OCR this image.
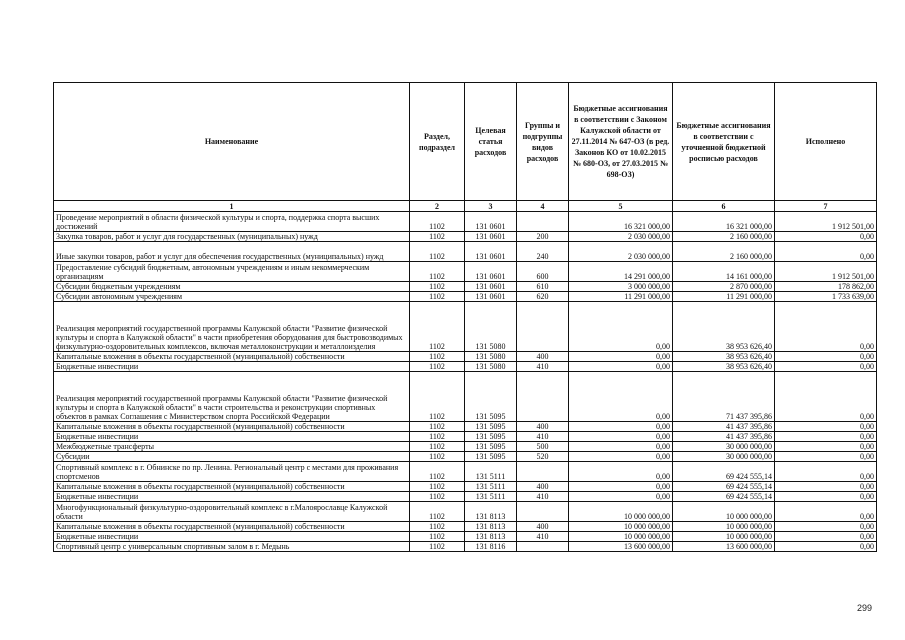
Наименование	Раздел, подраздел	Целевая статья расходов	Группы и подгруппы видов расходов	Бюджетные ассигнования в соответствии с Законом Калужской области от 27.11.2014 № 647-ОЗ (в ред. Законов КО от 10.02.2015 № 680-ОЗ, от 27.03.2015 № 698-ОЗ)	Бюджетные ассигнования в соответствии с уточненной бюджетной росписью расходов	Исполнено
1	2	3	4	5	6	7
Проведение мероприятий в области физической культуры и спорта, поддержка спорта высших достижений	1102	131 0601		16 321 000,00	16 321 000,00	1 912 501,00
Закупка товаров, работ и услуг для государственных (муниципальных) нужд	1102	131 0601	200	2 030 000,00	2 160 000,00	0,00
Иные закупки товаров, работ и услуг для обеспечения государственных (муниципальных) нужд	1102	131 0601	240	2 030 000,00	2 160 000,00	0,00
Предоставление субсидий бюджетным, автономным учреждениям и иным некоммерческим организациям	1102	131 0601	600	14 291 000,00	14 161 000,00	1 912 501,00
Субсидии бюджетным учреждениям	1102	131 0601	610	3 000 000,00	2 870 000,00	178 862,00
Субсидии автономным учреждениям	1102	131 0601	620	11 291 000,00	11 291 000,00	1 733 639,00
Реализация мероприятий государственной программы Калужской области "Развитие физической культуры и спорта в Калужской области" в части приобретения оборудования для быстровозводимых физкультурно-оздоровительных комплексов, включая металлоконструкции и металлоизделия	1102	131 5080		0,00	38 953 626,40	0,00
Капитальные вложения в объекты государственной (муниципальной) собственности	1102	131 5080	400	0,00	38 953 626,40	0,00
Бюджетные инвестиции	1102	131 5080	410	0,00	38 953 626,40	0,00
Реализация мероприятий государственной программы Калужской области "Развитие физической культуры и спорта в Калужской области" в части строительства и реконструкции спортивных объектов в рамках Соглашения с Министерством спорта Российской Федерации	1102	131 5095		0,00	71 437 395,86	0,00
Капитальные вложения в объекты государственной (муниципальной) собственности	1102	131 5095	400	0,00	41 437 395,86	0,00
Бюджетные инвестиции	1102	131 5095	410	0,00	41 437 395,86	0,00
Межбюджетные трансферты	1102	131 5095	500	0,00	30 000 000,00	0,00
Субсидии	1102	131 5095	520	0,00	30 000 000,00	0,00
Спортивный комплекс в г. Обнинске по пр. Ленина. Региональный центр с местами для проживания спортсменов	1102	131 5111		0,00	69 424 555,14	0,00
Капитальные вложения в объекты государственной (муниципальной) собственности	1102	131 5111	400	0,00	69 424 555,14	0,00
Бюджетные инвестиции	1102	131 5111	410	0,00	69 424 555,14	0,00
Многофункциональный физкультурно-оздоровительный комплекс в г.Малоярославце Калужской области	1102	131 8113		10 000 000,00	10 000 000,00	0,00
Капитальные вложения в объекты государственной (муниципальной) собственности	1102	131 8113	400	10 000 000,00	10 000 000,00	0,00
Бюджетные инвестиции	1102	131 8113	410	10 000 000,00	10 000 000,00	0,00
Спортивный центр с универсальным спортивным залом в г. Медынь	1102	131 8116		13 600 000,00	13 600 000,00	0,00
299
